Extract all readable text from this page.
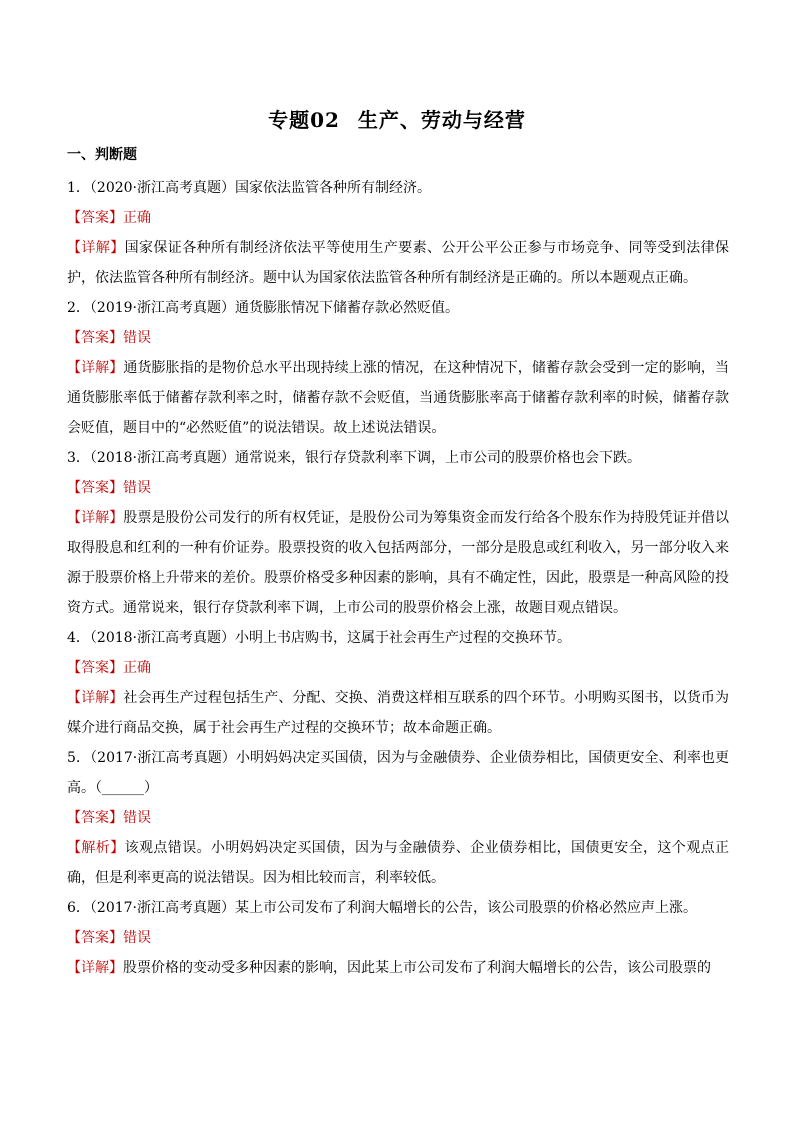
专题02 生产、劳动与经营

一、判断题

1．（2020·浙江高考真题）国家依法监管各种所有制经济。

【答案】正确

【详解】国家保证各种所有制经济依法平等使用生产要素、公开公平公正参与市场竞争、同等受到法律保护，依法监管各种所有制经济。题中认为国家依法监管各种所有制经济是正确的。所以本题观点正确。

2．（2019·浙江高考真题）通货膨胀情况下储蓄存款必然贬值。

【答案】错误

【详解】通货膨胀指的是物价总水平出现持续上涨的情况，在这种情况下，储蓄存款会受到一定的影响，当通货膨胀率低于储蓄存款利率之时，储蓄存款不会贬值，当通货膨胀率高于储蓄存款利率的时候，储蓄存款会贬值，题目中的“必然贬值”的说法错误。故上述说法错误。

3．（2018·浙江高考真题）通常说来，银行存贷款利率下调，上市公司的股票价格也会下跌。

【答案】错误

【详解】股票是股份公司发行的所有权凭证，是股份公司为筹集资金而发行给各个股东作为持股凭证并借以取得股息和红利的一种有价证券。股票投资的收入包括两部分，一部分是股息或红利收入，另一部分收入来源于股票价格上升带来的差价。股票价格受多种因素的影响，具有不确定性，因此，股票是一种高风险的投资方式。通常说来，银行存贷款利率下调，上市公司的股票价格会上涨，故题目观点错误。

4．（2018·浙江高考真题）小明上书店购书，这属于社会再生产过程的交换环节。

【答案】正确

【详解】社会再生产过程包括生产、分配、交换、消费这样相互联系的四个环节。小明购买图书，以货币为媒介进行商品交换，属于社会再生产过程的交换环节；故本命题正确。

5．（2017·浙江高考真题）小明妈妈决定买国债，因为与金融债券、企业债券相比，国债更安全、利率也更高。（______）

【答案】错误

【解析】该观点错误。小明妈妈决定买国债，因为与金融债券、企业债券相比，国债更安全，这个观点正确，但是利率更高的说法错误。因为相比较而言，利率较低。

6．（2017·浙江高考真题）某上市公司发布了利润大幅增长的公告，该公司股票的价格必然应声上涨。

【答案】错误

【详解】股票价格的变动受多种因素的影响，因此某上市公司发布了利润大幅增长的公告，该公司股票的
